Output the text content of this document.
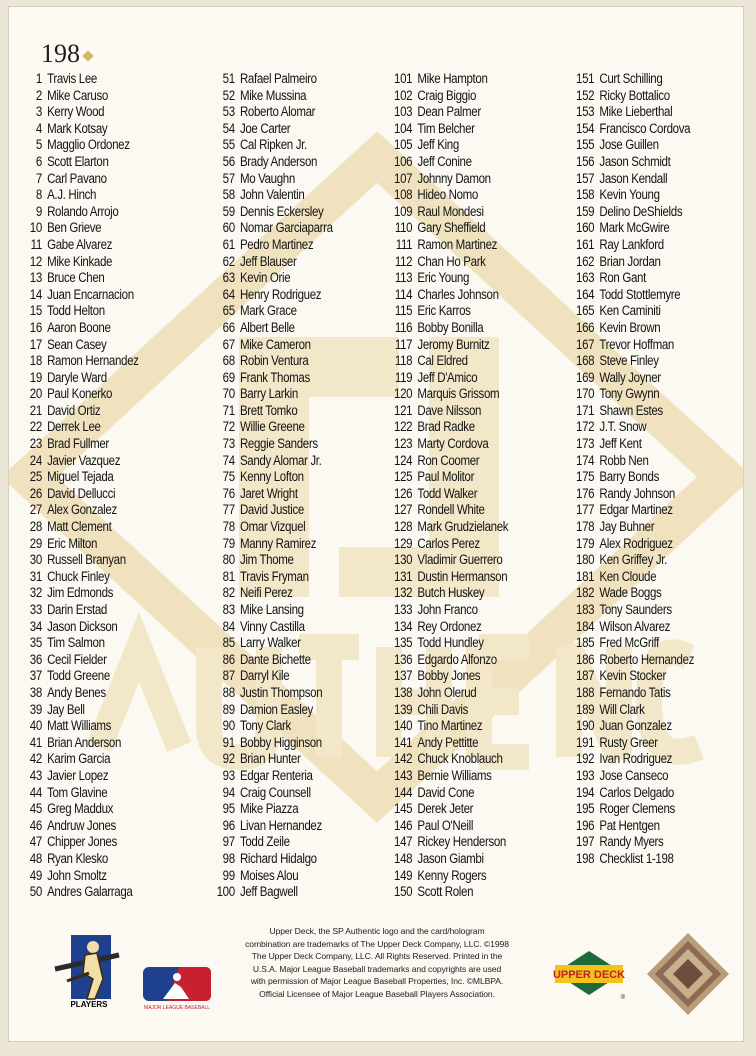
198
1 Travis Lee
2 Mike Caruso
3 Kerry Wood
4 Mark Kotsay
5 Magglio Ordonez
6 Scott Elarton
7 Carl Pavano
8 A.J. Hinch
9 Rolando Arrojo
10 Ben Grieve
11 Gabe Alvarez
12 Mike Kinkade
13 Bruce Chen
14 Juan Encarnacion
15 Todd Helton
16 Aaron Boone
17 Sean Casey
18 Ramon Hernandez
19 Daryle Ward
20 Paul Konerko
21 David Ortiz
22 Derrek Lee
23 Brad Fullmer
24 Javier Vazquez
25 Miguel Tejada
26 David Dellucci
27 Alex Gonzalez
28 Matt Clement
29 Eric Milton
30 Russell Branyan
31 Chuck Finley
32 Jim Edmonds
33 Darin Erstad
34 Jason Dickson
35 Tim Salmon
36 Cecil Fielder
37 Todd Greene
38 Andy Benes
39 Jay Bell
40 Matt Williams
41 Brian Anderson
42 Karim Garcia
43 Javier Lopez
44 Tom Glavine
45 Greg Maddux
46 Andruw Jones
47 Chipper Jones
48 Ryan Klesko
49 John Smoltz
50 Andres Galarraga
51 Rafael Palmeiro
52 Mike Mussina
53 Roberto Alomar
54 Joe Carter
55 Cal Ripken Jr.
56 Brady Anderson
57 Mo Vaughn
58 John Valentin
59 Dennis Eckersley
60 Nomar Garciaparra
61 Pedro Martinez
62 Jeff Blauser
63 Kevin Orie
64 Henry Rodriguez
65 Mark Grace
66 Albert Belle
67 Mike Cameron
68 Robin Ventura
69 Frank Thomas
70 Barry Larkin
71 Brett Tomko
72 Willie Greene
73 Reggie Sanders
74 Sandy Alomar Jr.
75 Kenny Lofton
76 Jaret Wright
77 David Justice
78 Omar Vizquel
79 Manny Ramirez
80 Jim Thome
81 Travis Fryman
82 Neifi Perez
83 Mike Lansing
84 Vinny Castilla
85 Larry Walker
86 Dante Bichette
87 Darryl Kile
88 Justin Thompson
89 Damion Easley
90 Tony Clark
91 Bobby Higginson
92 Brian Hunter
93 Edgar Renteria
94 Craig Counsell
95 Mike Piazza
96 Livan Hernandez
97 Todd Zeile
98 Richard Hidalgo
99 Moises Alou
100 Jeff Bagwell
101 Mike Hampton
102 Craig Biggio
103 Dean Palmer
104 Tim Belcher
105 Jeff King
106 Jeff Conine
107 Johnny Damon
108 Hideo Nomo
109 Raul Mondesi
110 Gary Sheffield
111 Ramon Martinez
112 Chan Ho Park
113 Eric Young
114 Charles Johnson
115 Eric Karros
116 Bobby Bonilla
117 Jeromy Burnitz
118 Cal Eldred
119 Jeff D'Amico
120 Marquis Grissom
121 Dave Nilsson
122 Brad Radke
123 Marty Cordova
124 Ron Coomer
125 Paul Molitor
126 Todd Walker
127 Rondell White
128 Mark Grudzielanek
129 Carlos Perez
130 Vladimir Guerrero
131 Dustin Hermanson
132 Butch Huskey
133 John Franco
134 Rey Ordonez
135 Todd Hundley
136 Edgardo Alfonzo
137 Bobby Jones
138 John Olerud
139 Chili Davis
140 Tino Martinez
141 Andy Pettitte
142 Chuck Knoblauch
143 Bernie Williams
144 David Cone
145 Derek Jeter
146 Paul O'Neill
147 Rickey Henderson
148 Jason Giambi
149 Kenny Rogers
150 Scott Rolen
151 Curt Schilling
152 Ricky Bottalico
153 Mike Lieberthal
154 Francisco Cordova
155 Jose Guillen
156 Jason Schmidt
157 Jason Kendall
158 Kevin Young
159 Delino DeShields
160 Mark McGwire
161 Ray Lankford
162 Brian Jordan
163 Ron Gant
164 Todd Stottlemyre
165 Ken Caminiti
166 Kevin Brown
167 Trevor Hoffman
168 Steve Finley
169 Wally Joyner
170 Tony Gwynn
171 Shawn Estes
172 J.T. Snow
173 Jeff Kent
174 Robb Nen
175 Barry Bonds
176 Randy Johnson
177 Edgar Martinez
178 Jay Buhner
179 Alex Rodriguez
180 Ken Griffey Jr.
181 Ken Cloude
182 Wade Boggs
183 Tony Saunders
184 Wilson Alvarez
185 Fred McGriff
186 Roberto Hernandez
187 Kevin Stocker
188 Fernando Tatis
189 Will Clark
190 Juan Gonzalez
191 Rusty Greer
192 Ivan Rodriguez
193 Jose Canseco
194 Carlos Delgado
195 Roger Clemens
196 Pat Hentgen
197 Randy Myers
198 Checklist 1-198
Upper Deck, the SP Authentic logo and the card/hologram
combination are trademarks of The Upper Deck Company, LLC. ©1998
The Upper Deck Company, LLC. All Rights Reserved. Printed in the
U.S.A. Major League Baseball trademarks and copyrights are used
with permission of Major League Baseball Properties, Inc. ©MLBPA.
Official Licensee of Major League Baseball Players Association.
PLAYERS	MAJOR LEAGUE BASEBALL
UPPER DECK
®
